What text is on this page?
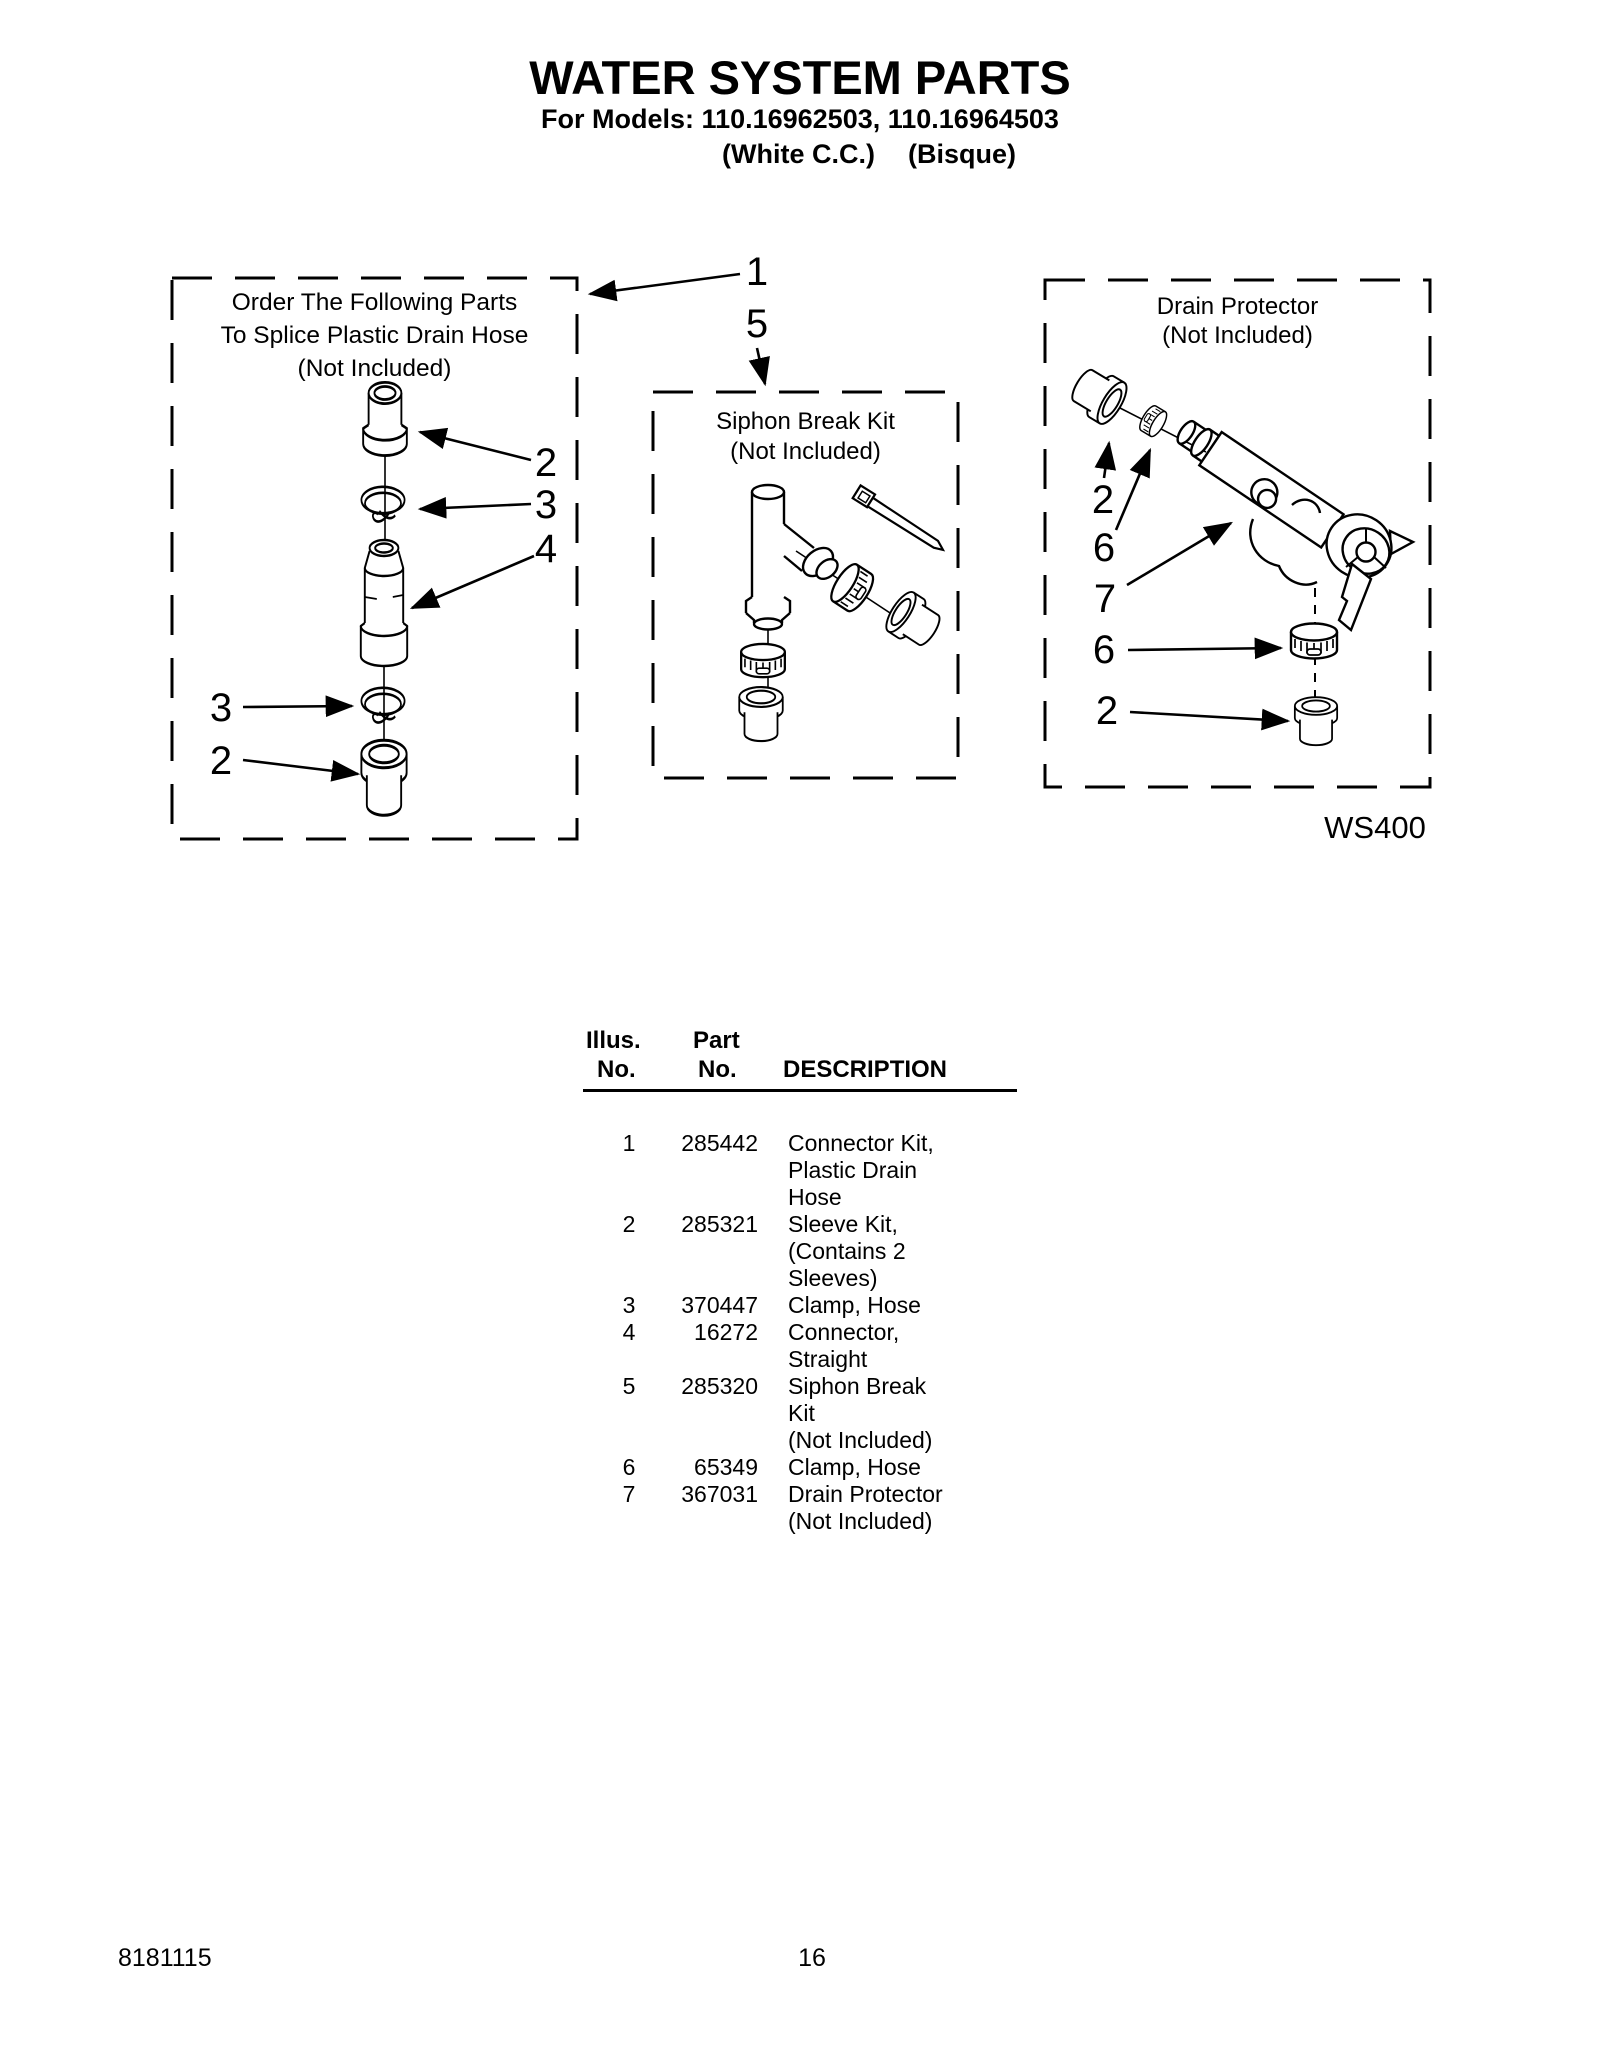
WATER SYSTEM PARTS
For Models: 110.16962503, 110.16964503
(White C.C.) (Bisque)
Order The Following Parts
To Splice Plastic Drain Hose
(Not Included)
Siphon Break Kit
(Not Included)
Drain Protector
(Not Included)
WS400
1
5
2
3
4
3
2
2
6
7
6
2
Illus. Part
No.	No. DESCRIPTION
1	285442 Connector Kit,
Plastic Drain
Hose
2	285321 Sleeve Kit,
(Contains 2
Sleeves)
3	370447 Clamp, Hose
4	16272 Connector,
Straight
5	285320 Siphon Break
Kit
(Not Included)
6	65349 Clamp, Hose
7	367031 Drain Protector
(Not Included)
8181115	16
